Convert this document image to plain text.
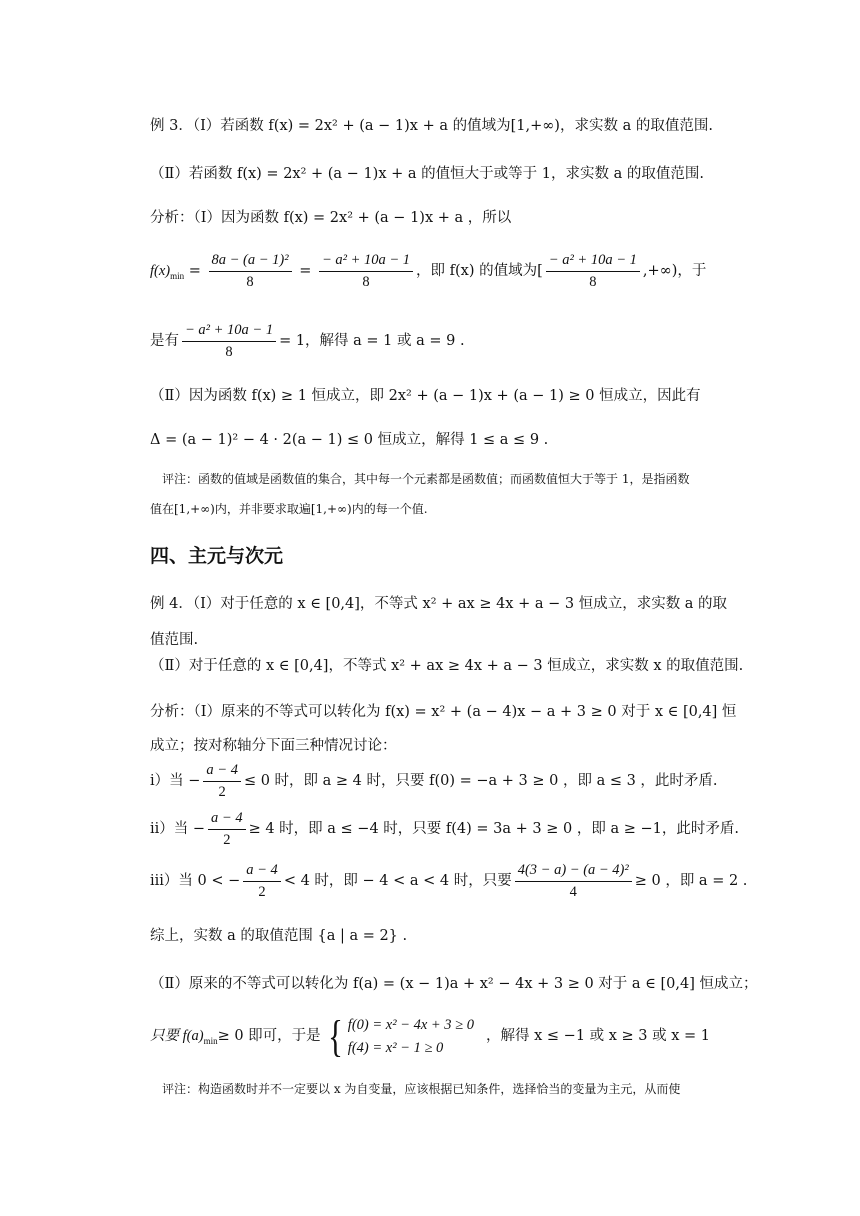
例 3．（Ⅰ）若函数 f(x) = 2x² + (a − 1)x + a 的值域为[1,+∞)，求实数 a 的取值范围.
（Ⅱ）若函数 f(x) = 2x² + (a − 1)x + a 的值恒大于或等于 1，求实数 a 的取值范围.
分析：（Ⅰ）因为函数 f(x) = 2x² + (a − 1)x + a ，所以
$f(x)_{min} = \frac{\text{8a − (a − 1)²}}{8} = \frac{\text{− a² + 10a − 1}}{8}$ ，即 f(x) 的值域为[ $\frac{\text{− a² + 10a − 1}}{8}$ ,+∞)，于
是有 $\frac{\text{− a² + 10a − 1}}{8} = 1$，解得 a = 1 或 a = 9 .
（Ⅱ）因为函数 f(x) ≥ 1 恒成立，即 2x² + (a − 1)x + (a − 1) ≥ 0 恒成立，因此有
Δ = (a − 1)² − 4 · 2(a − 1) ≤ 0 恒成立，解得 1 ≤ a ≤ 9 .
评注：函数的值域是函数值的集合，其中每一个元素都是函数值；而函数值恒大于等于 1，是指函数
值在[1,+∞)内，并非要求取遍[1,+∞)内的每一个值.
四、主元与次元
例 4．（Ⅰ）对于任意的 x ∈ [0,4]，不等式 x² + ax ≥ 4x + a − 3 恒成立，求实数 a 的取
值范围.
（Ⅱ）对于任意的 x ∈ [0,4]，不等式 x² + ax ≥ 4x + a − 3 恒成立，求实数 x 的取值范围.
分析：（Ⅰ）原来的不等式可以转化为 f(x) = x² + (a − 4)x − a + 3 ≥ 0 对于 x ∈ [0,4] 恒
成立；按对称轴分下面三种情况讨论：
i）当 − $\frac{a - 4}{2} \le 0$ 时，即 a ≥ 4 时，只要 f(0) = −a + 3 ≥ 0 ，即 a ≤ 3 ，此时矛盾.
ii）当 − $\frac{a - 4}{2} \ge 4$ 时，即 a ≤ −4 时，只要 f(4) = 3a + 3 ≥ 0 ，即 a ≥ −1，此时矛盾.
iii）当 0 < − $\frac{a - 4}{2} < 4$ 时，即 − 4 < a < 4 时，只要 $\frac{\text{4(3 − a) − (a − 4)²}}{4} \ge 0$ ，即 a = 2 .
综上，实数 a 的取值范围 {a | a = 2} .
（Ⅱ）原来的不等式可以转化为 f(a) = (x − 1)a + x² − 4x + 3 ≥ 0 对于 a ∈ [0,4] 恒成立；
只要 $f(a)_{min} \ge 0$ 即可，于是 { f(0) = x² − 4x + 3 ≥ 0
f(4) = x² − 1 ≥ 0
，解得 x ≤ −1 或 x ≥ 3 或 x = 1
评注：构造函数时并不一定要以 x 为自变量，应该根据已知条件，选择恰当的变量为主元，从而使
